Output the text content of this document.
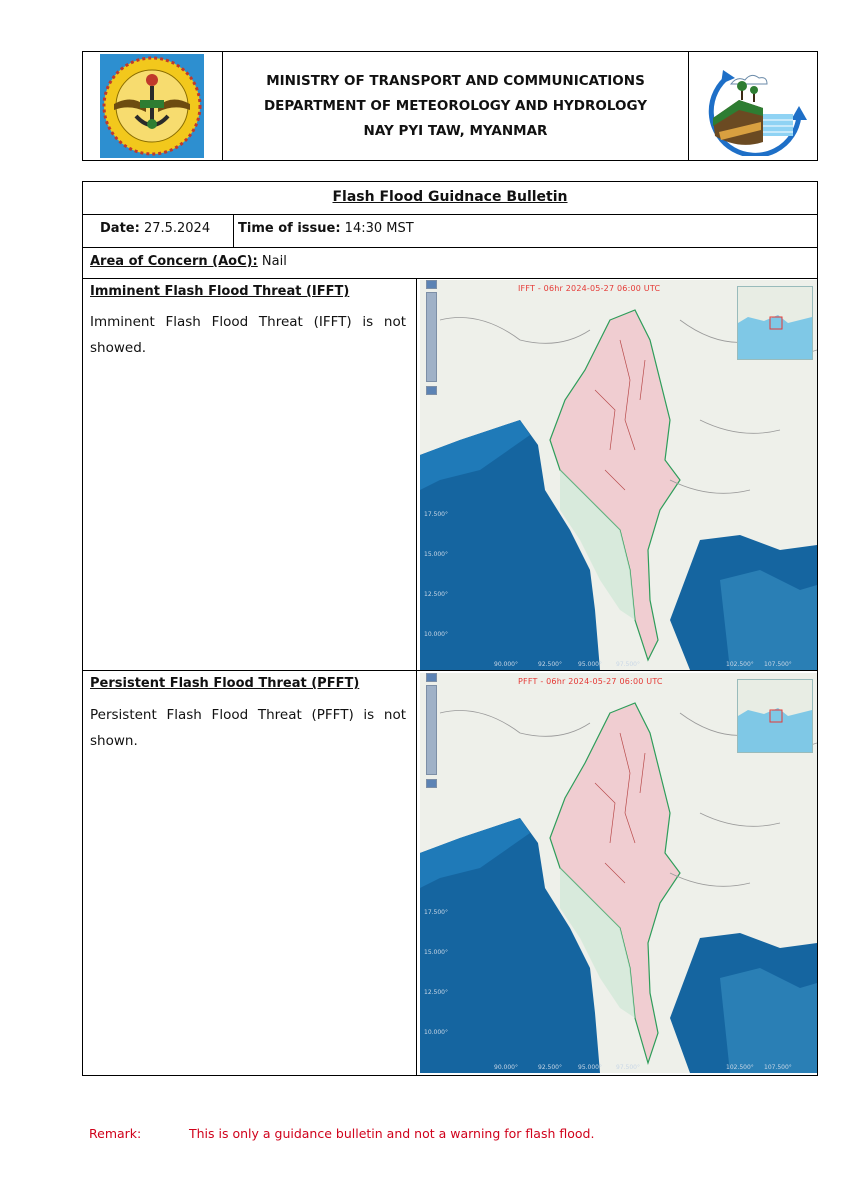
MINISTRY OF TRANSPORT AND COMMUNICATIONS
DEPARTMENT OF METEOROLOGY AND HYDROLOGY
NAY PYI TAW, MYANMAR
Flash Flood Guidnace Bulletin
Date: 27.5.2024 Time of issue: 14:30 MST
Area of Concern (AoC): Nail
Imminent Flash Flood Threat (IFFT)
Imminent Flash Flood Threat (IFFT) is not showed.
17.500°
15.000°
12.500°
10.000°
90.000°	92.500°	95.000° 97.500°	102.500° 107.500°
IFFT - 06hr 2024-05-27 06:00 UTC
Persistent Flash Flood Threat (PFFT)
Persistent Flash Flood Threat (PFFT) is not shown.
17.500°
15.000°
12.500°
10.000°
90.000°	92.500°	95.000° 97.500°	102.500° 107.500°
PFFT - 06hr 2024-05-27 06:00 UTC
Remark:	This is only a guidance bulletin and not a warning for flash flood.
